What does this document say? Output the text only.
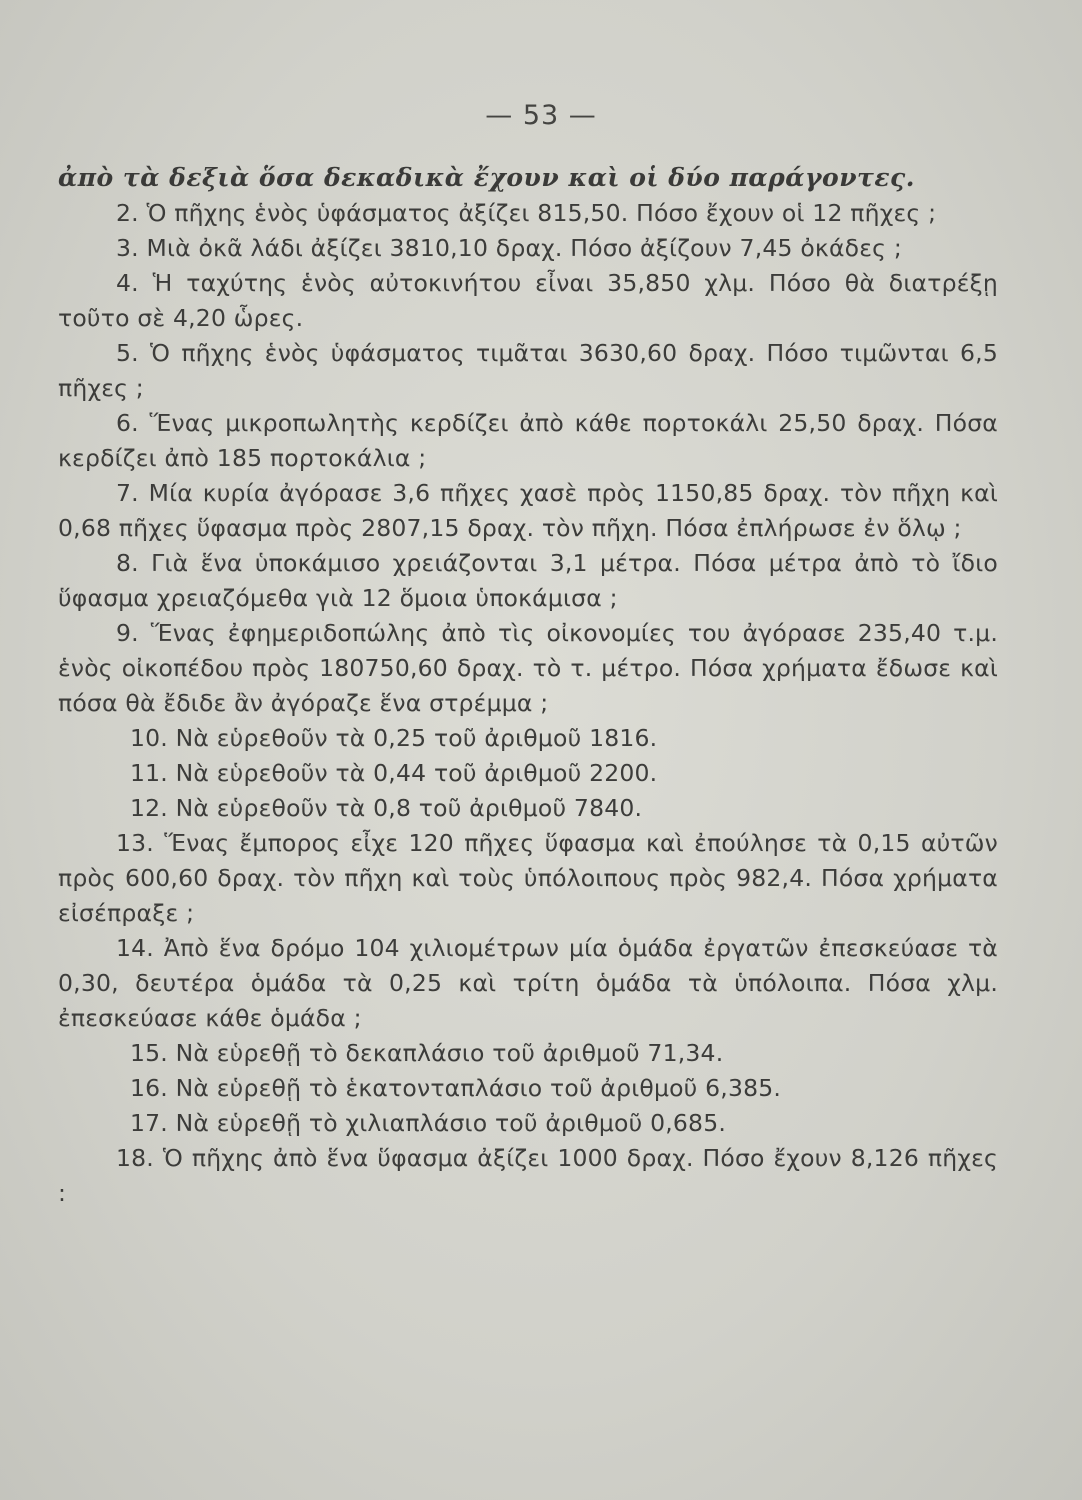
— 53 —

ἀπὸ τὰ δεξιὰ ὅσα δεκαδικὰ ἔχουν καὶ οἱ δύο παράγοντες.

2. Ὁ πῆχης ἑνὸς ὑφάσματος ἀξίζει 815,50. Πόσο ἔχουν οἱ 12 πῆχες ;

3. Μιὰ ὀκᾶ λάδι ἀξίζει 3810,10 δραχ. Πόσο ἀξίζουν 7,45 ὀκάδες ;

4. Ἡ ταχύτης ἑνὸς αὐτοκινήτου εἶναι 35,850 χλμ. Πόσο θὰ διατρέξῃ τοῦτο σὲ 4,20 ὧρες.

5. Ὁ πῆχης ἑνὸς ὑφάσματος τιμᾶται 3630,60 δραχ. Πόσο τιμῶνται 6,5 πῆχες ;

6. Ἕνας μικροπωλητὴς κερδίζει ἀπὸ κάθε πορτοκάλι 25,50 δραχ. Πόσα κερδίζει ἀπὸ 185 πορτοκάλια ;

7. Μία κυρία ἀγόρασε 3,6 πῆχες χασὲ πρὸς 1150,85 δραχ. τὸν πῆχη καὶ 0,68 πῆχες ὕφασμα πρὸς 2807,15 δραχ. τὸν πῆχη. Πόσα ἐπλήρωσε ἐν ὅλῳ ;

8. Γιὰ ἕνα ὑποκάμισο χρειάζονται 3,1 μέτρα. Πόσα μέτρα ἀπὸ τὸ ἴδιο ὕφασμα χρειαζόμεθα γιὰ 12 ὅμοια ὑποκάμισα ;

9. Ἕνας ἐφημεριδοπώλης ἀπὸ τὶς οἰκονομίες του ἀγόρασε 235,40 τ.μ. ἑνὸς οἰκοπέδου πρὸς 180750,60 δραχ. τὸ τ. μέτρο. Πόσα χρήματα ἔδωσε καὶ πόσα θὰ ἔδιδε ἂν ἀγόραζε ἕνα στρέμμα ;

10. Νὰ εὑρεθοῦν τὰ 0,25 τοῦ ἀριθμοῦ 1816.

11. Νὰ εὑρεθοῦν τὰ 0,44 τοῦ ἀριθμοῦ 2200.

12. Νὰ εὑρεθοῦν τὰ 0,8 τοῦ ἀριθμοῦ 7840.

13. Ἕνας ἔμπορος εἶχε 120 πῆχες ὕφασμα καὶ ἐπούλησε τὰ 0,15 αὐτῶν πρὸς 600,60 δραχ. τὸν πῆχη καὶ τοὺς ὑπόλοιπους πρὸς 982,4. Πόσα χρήματα εἰσέπραξε ;

14. Ἀπὸ ἕνα δρόμο 104 χιλιομέτρων μία ὁμάδα ἐργατῶν ἐπεσκεύασε τὰ 0,30, δευτέρα ὁμάδα τὰ 0,25 καὶ τρίτη ὁμάδα τὰ ὑπόλοιπα. Πόσα χλμ. ἐπεσκεύασε κάθε ὁμάδα ;

15. Νὰ εὑρεθῇ τὸ δεκαπλάσιο τοῦ ἀριθμοῦ 71,34.

16. Νὰ εὑρεθῇ τὸ ἑκατονταπλάσιο τοῦ ἀριθμοῦ 6,385.

17. Νὰ εὑρεθῇ τὸ χιλιαπλάσιο τοῦ ἀριθμοῦ 0,685.

18. Ὁ πῆχης ἀπὸ ἕνα ὕφασμα ἀξίζει 1000 δραχ. Πόσο ἔχουν 8,126 πῆχες :
